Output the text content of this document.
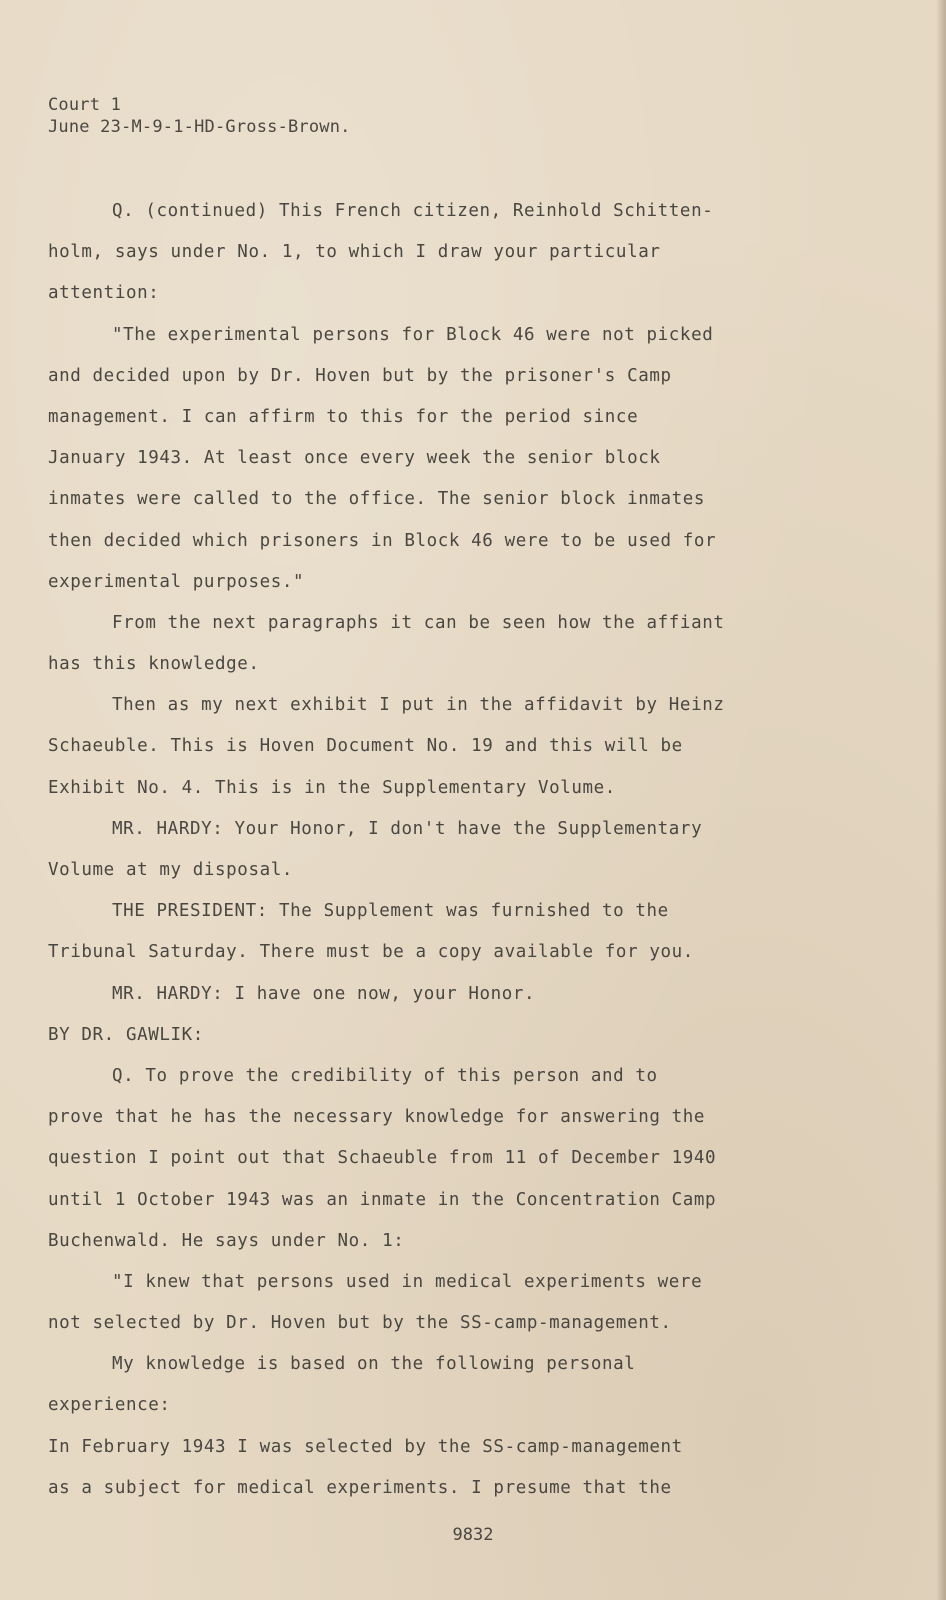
Court 1
June 23-M-9-1-HD-Gross-Brown.
Q. (continued) This French citizen, Reinhold Schitten-
holm, says under No. 1, to which I draw your particular
attention:
"The experimental persons for Block 46 were not picked
and decided upon by Dr. Hoven but by the prisoner's Camp
management. I can affirm to this for the period since
January 1943. At least once every week the senior block
inmates were called to the office. The senior block inmates
then decided which prisoners in Block 46 were to be used for
experimental purposes."
From the next paragraphs it can be seen how the affiant
has this knowledge.
Then as my next exhibit I put in the affidavit by Heinz
Schaeuble. This is Hoven Document No. 19 and this will be
Exhibit No. 4. This is in the Supplementary Volume.
MR. HARDY: Your Honor, I don't have the Supplementary
Volume at my disposal.
THE PRESIDENT: The Supplement was furnished to the
Tribunal Saturday. There must be a copy available for you.
MR. HARDY: I have one now, your Honor.
BY DR. GAWLIK:
Q. To prove the credibility of this person and to
prove that he has the necessary knowledge for answering the
question I point out that Schaeuble from 11 of December 1940
until 1 October 1943 was an inmate in the Concentration Camp
Buchenwald. He says under No. 1:
"I knew that persons used in medical experiments were
not selected by Dr. Hoven but by the SS-camp-management.
My knowledge is based on the following personal
experience:
In February 1943 I was selected by the SS-camp-management
as a subject for medical experiments. I presume that the
9832
